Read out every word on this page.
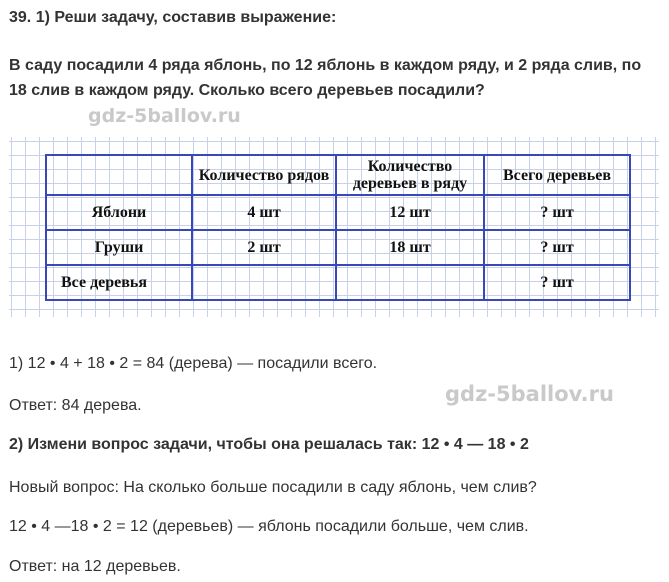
39. 1) Реши задачу, составив выражение:
В саду посадили 4 ряда яблонь, по 12 яблонь в каждом ряду, и 2 ряда слив, по 18 слив в каждом ряду. Сколько всего деревьев посадили?
gdz-5ballov.ru
	Количество рядов	Количество деревьев в ряду	Всего деревьев
Яблони	4 шт	12 шт	? шт
Груши	2 шт	18 шт	? шт
Все деревья			? шт
1) 12 • 4 + 18 • 2 = 84 (дерева) — посадили всего.
gdz-5ballov.ru
Ответ: 84 дерева.
2) Измени вопрос задачи, чтобы она решалась так: 12 • 4 — 18 • 2
Новый вопрос: На сколько больше посадили в саду яблонь, чем слив?
12 • 4 —18 • 2 = 12 (деревьев) — яблонь посадили больше, чем слив.
Ответ: на 12 деревьев.
